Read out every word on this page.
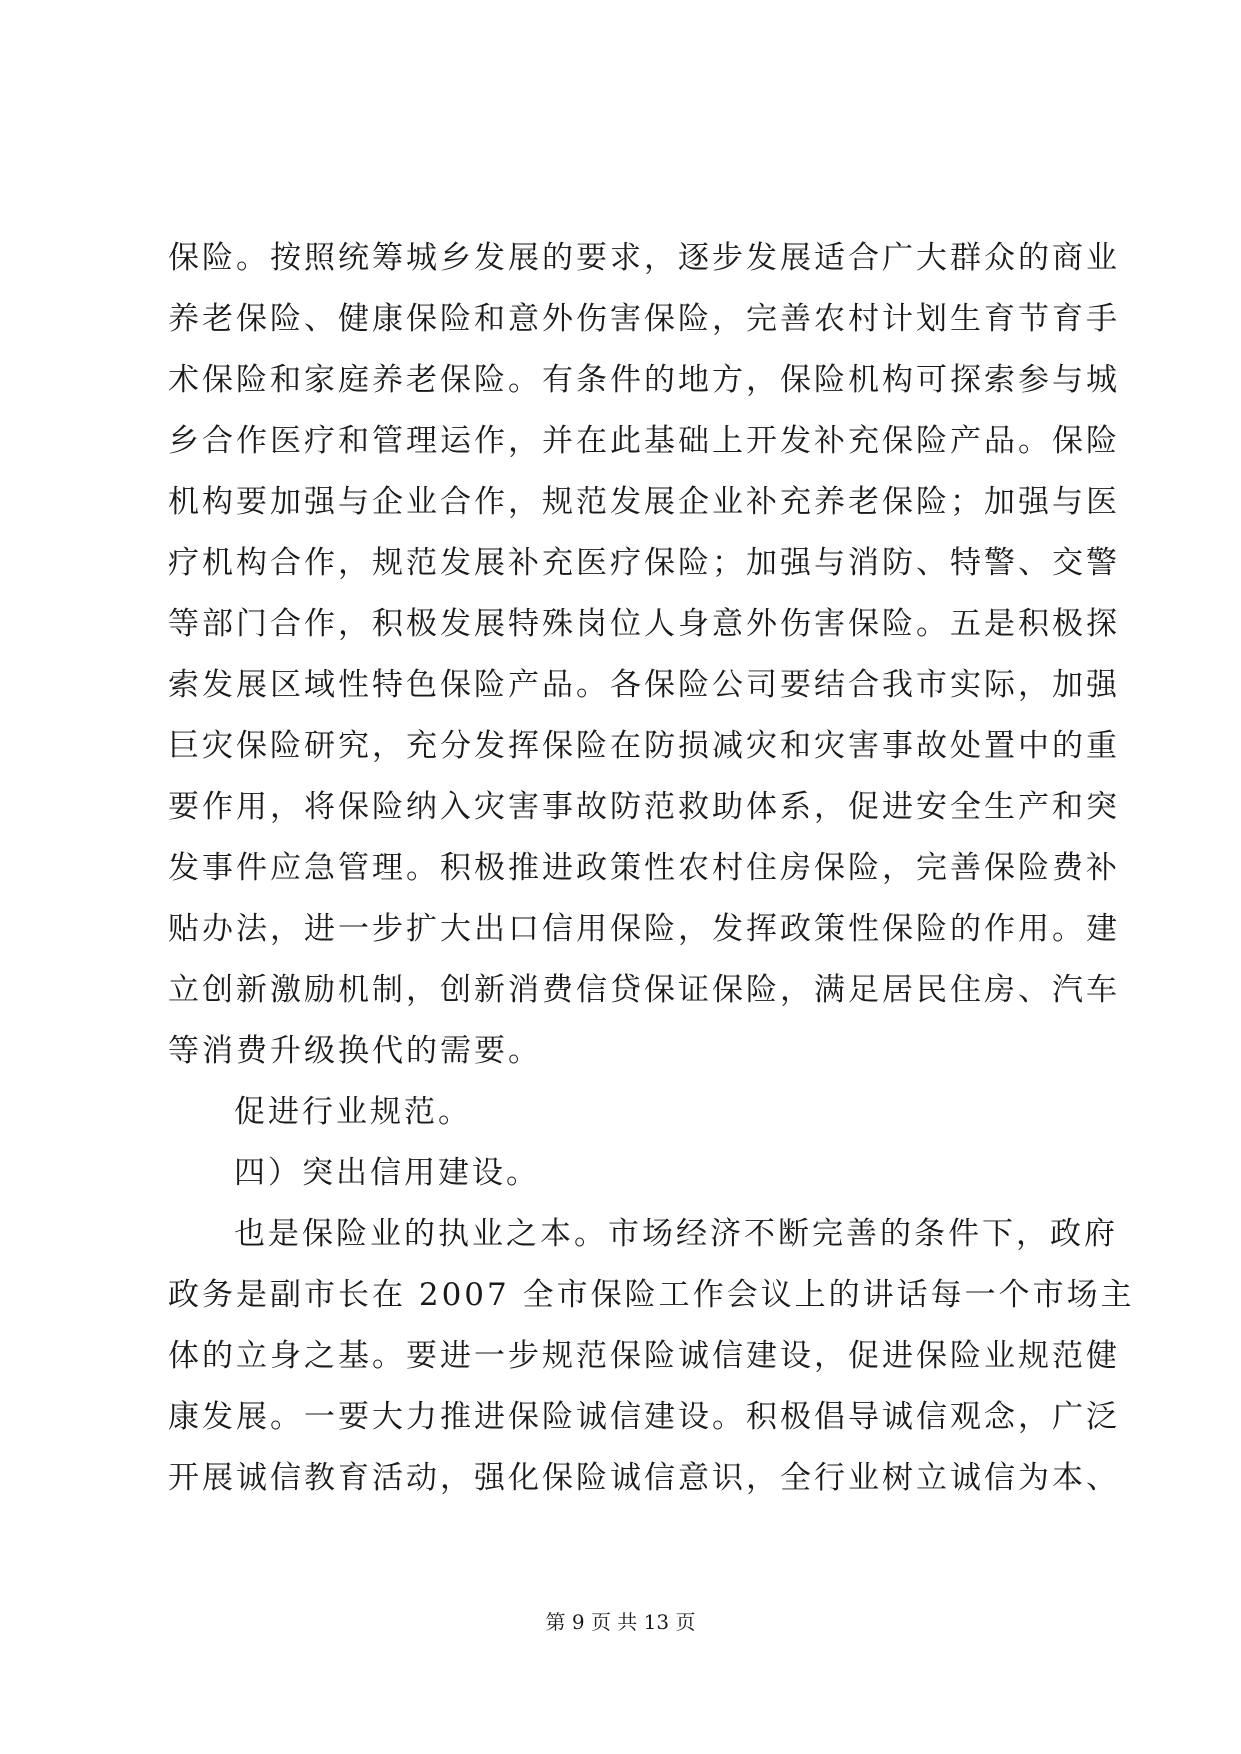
保险。按照统筹城乡发展的要求，逐步发展适合广大群众的商业
养老保险、健康保险和意外伤害保险，完善农村计划生育节育手
术保险和家庭养老保险。有条件的地方，保险机构可探索参与城
乡合作医疗和管理运作，并在此基础上开发补充保险产品。保险
机构要加强与企业合作，规范发展企业补充养老保险；加强与医
疗机构合作，规范发展补充医疗保险；加强与消防、特警、交警
等部门合作，积极发展特殊岗位人身意外伤害保险。五是积极探
索发展区域性特色保险产品。各保险公司要结合我市实际，加强
巨灾保险研究，充分发挥保险在防损减灾和灾害事故处置中的重
要作用，将保险纳入灾害事故防范救助体系，促进安全生产和突
发事件应急管理。积极推进政策性农村住房保险，完善保险费补
贴办法，进一步扩大出口信用保险，发挥政策性保险的作用。建
立创新激励机制，创新消费信贷保证保险，满足居民住房、汽车
等消费升级换代的需要。
促进行业规范。
四）突出信用建设。
也是保险业的执业之本。市场经济不断完善的条件下，政府
政务是副市长在 2007 全市保险工作会议上的讲话每一个市场主
体的立身之基。要进一步规范保险诚信建设，促进保险业规范健
康发展。一要大力推进保险诚信建设。积极倡导诚信观念，广泛
开展诚信教育活动，强化保险诚信意识，全行业树立诚信为本、
第 9 页 共 13 页
